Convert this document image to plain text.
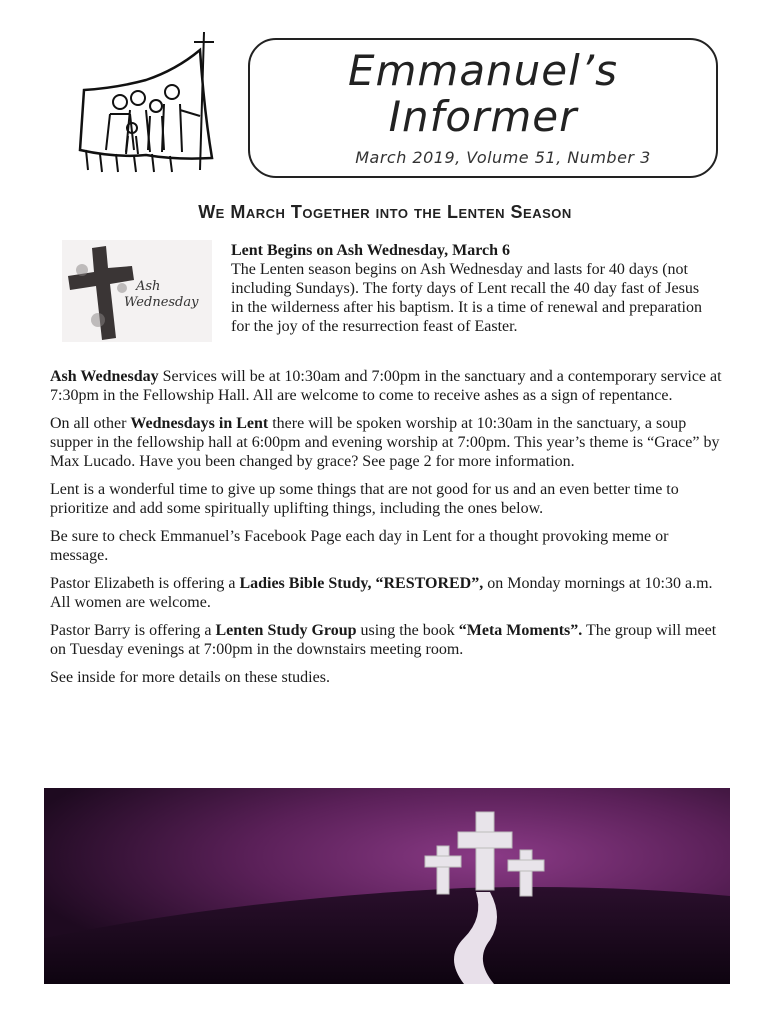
Emmanuel’s
Informer
March 2019, Volume 51, Number 3
We March Together into the Lenten Season
Ash
Wednesday
Lent Begins on Ash Wednesday, March 6
The Lenten season begins on Ash Wednesday and lasts for 40 days (not including Sundays). The forty days of Lent recall the 40 day fast of Jesus in the wilderness after his baptism. It is a time of renewal and preparation for the joy of the resurrection feast of Easter.

Ash Wednesday Services will be at 10:30am and 7:00pm in the sanctuary and a contemporary service at 7:30pm in the Fellowship Hall. All are welcome to come to receive ashes as a sign of repentance.

On all other Wednesdays in Lent there will be spoken worship at 10:30am in the sanctuary, a soup supper in the fellowship hall at 6:00pm and evening worship at 7:00pm. This year’s theme is “Grace” by Max Lucado. Have you been changed by grace? See page 2 for more information.

Lent is a wonderful time to give up some things that are not good for us and an even better time to prioritize and add some spiritually uplifting things, including the ones below.

Be sure to check Emmanuel’s Facebook Page each day in Lent for a thought provoking meme or message.

Pastor Elizabeth is offering a Ladies Bible Study, “RESTORED”, on Monday mornings at 10:30 a.m. All women are welcome.

Pastor Barry is offering a Lenten Study Group using the book “Meta Moments”. The group will meet on Tuesday evenings at 7:00pm in the downstairs meeting room.

See inside for more details on these studies.
